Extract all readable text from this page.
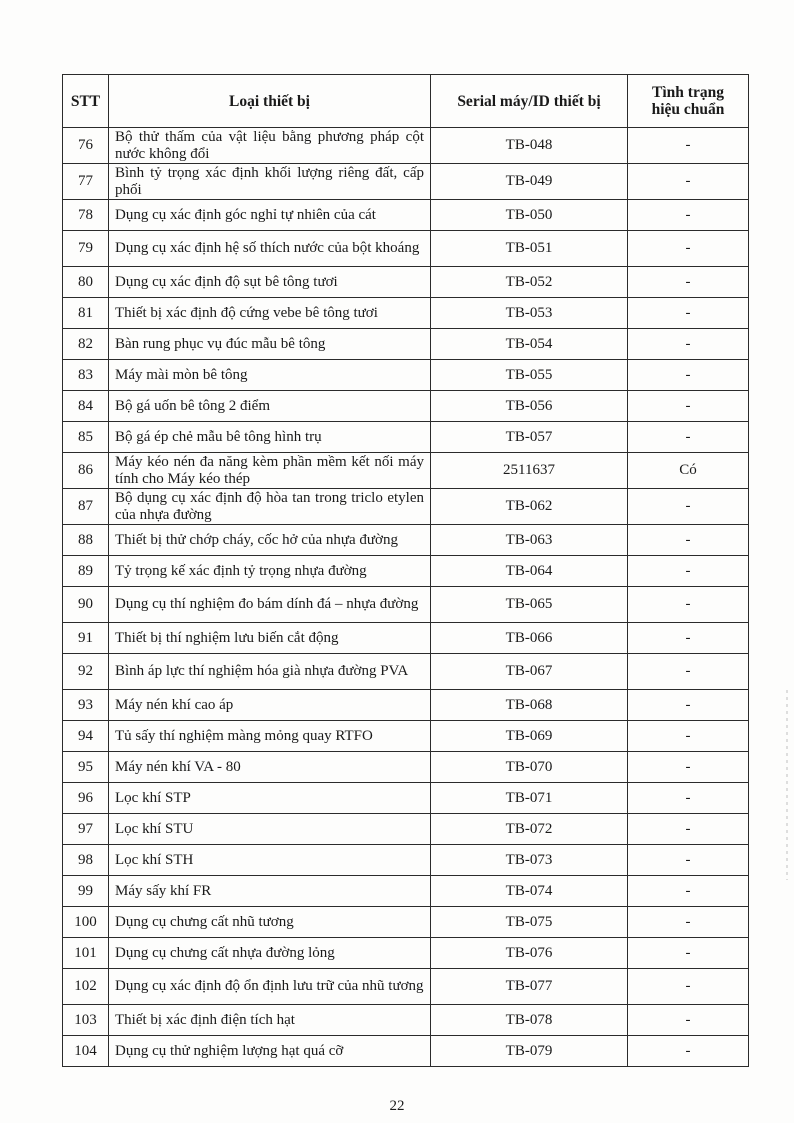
STT	Loại thiết bị	Serial máy/ID thiết bị	Tình trạng hiệu chuẩn
76	Bộ thử thấm của vật liệu bằng phương pháp cột nước không đổi	TB-048	-
77	Bình tỷ trọng xác định khối lượng riêng đất, cấp phối	TB-049	-
78	Dụng cụ xác định góc nghỉ tự nhiên của cát	TB-050	-
79	Dụng cụ xác định hệ số thích nước của bột khoáng	TB-051	-
80	Dụng cụ xác định độ sụt bê tông tươi	TB-052	-
81	Thiết bị xác định độ cứng vebe bê tông tươi	TB-053	-
82	Bàn rung phục vụ đúc mẫu bê tông	TB-054	-
83	Máy mài mòn bê tông	TB-055	-
84	Bộ gá uốn bê tông 2 điểm	TB-056	-
85	Bộ gá ép chẻ mẫu bê tông hình trụ	TB-057	-
86	Máy kéo nén đa năng kèm phần mềm kết nối máy tính cho Máy kéo thép	2511637	Có
87	Bộ dụng cụ xác định độ hòa tan trong triclo etylen của nhựa đường	TB-062	-
88	Thiết bị thử chớp cháy, cốc hở của nhựa đường	TB-063	-
89	Tỷ trọng kế xác định tỷ trọng nhựa đường	TB-064	-
90	Dụng cụ thí nghiệm đo bám dính đá – nhựa đường	TB-065	-
91	Thiết bị thí nghiệm lưu biến cắt động	TB-066	-
92	Bình áp lực thí nghiệm hóa già nhựa đường PVA	TB-067	-
93	Máy nén khí cao áp	TB-068	-
94	Tủ sấy thí nghiệm màng mỏng quay RTFO	TB-069	-
95	Máy nén khí VA - 80	TB-070	-
96	Lọc khí STP	TB-071	-
97	Lọc khí STU	TB-072	-
98	Lọc khí STH	TB-073	-
99	Máy sấy khí FR	TB-074	-
100	Dụng cụ chưng cất nhũ tương	TB-075	-
101	Dụng cụ chưng cất nhựa đường lỏng	TB-076	-
102	Dụng cụ xác định độ ổn định lưu trữ của nhũ tương	TB-077	-
103	Thiết bị xác định điện tích hạt	TB-078	-
104	Dụng cụ thử nghiệm lượng hạt quá cỡ	TB-079	-
22
